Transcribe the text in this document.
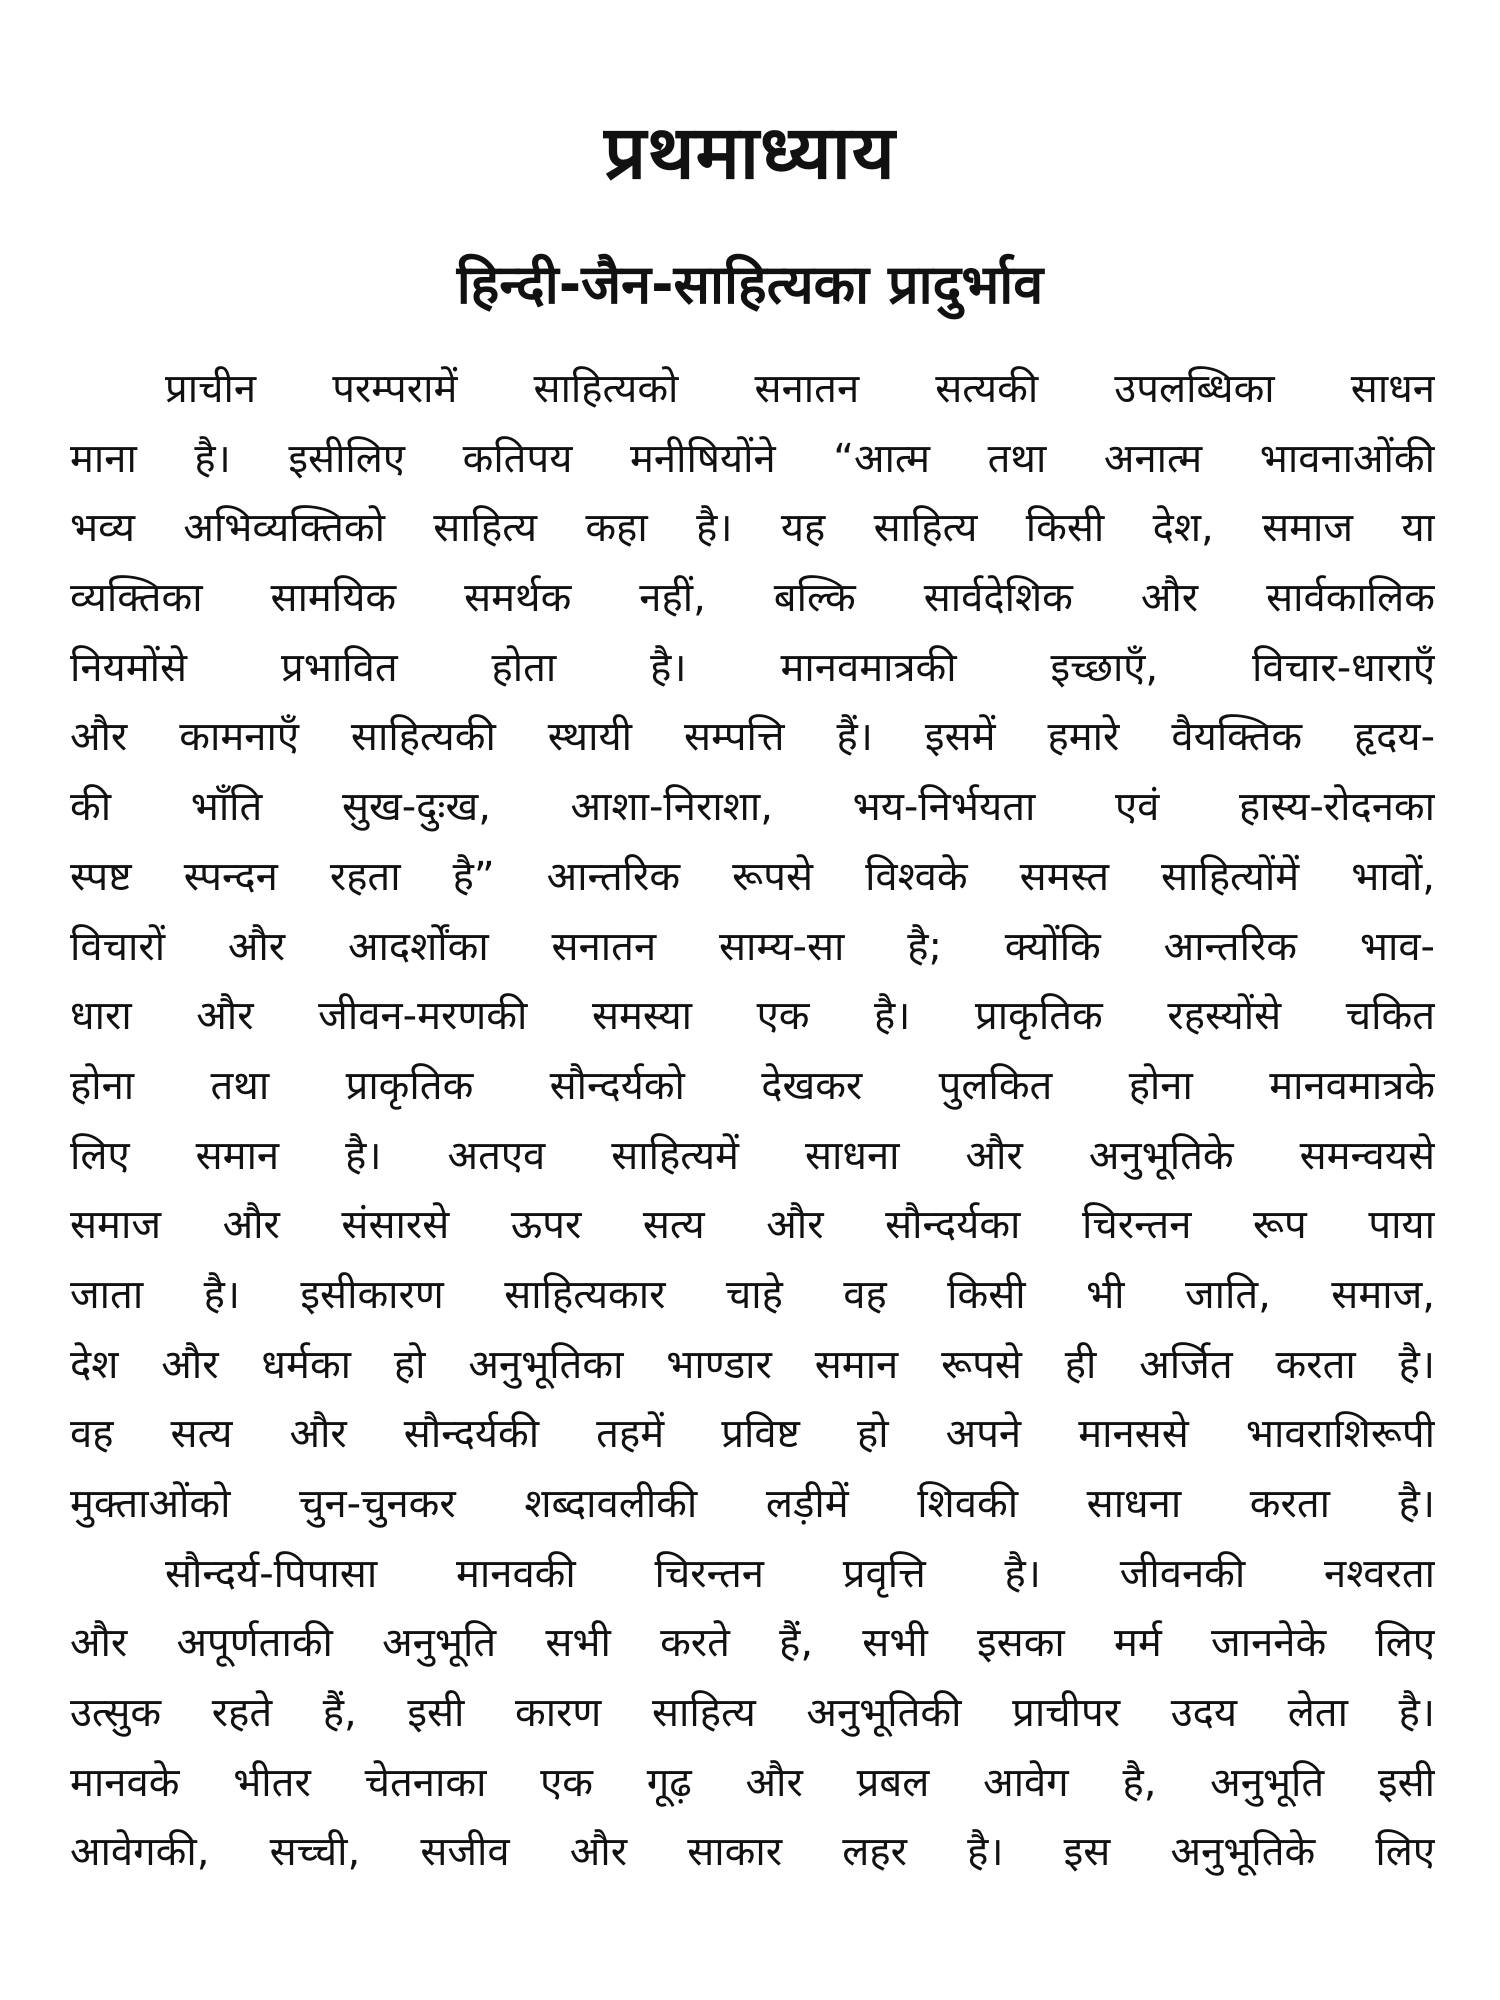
प्रथमाध्याय
हिन्दी-जैन-साहित्यका प्रादुर्भाव
प्राचीन परम्परामें साहित्यको सनातन सत्यकी उपलब्धिका साधन
माना है। इसीलिए कतिपय मनीषियोंने “आत्म तथा अनात्म भावनाओंकी
भव्य अभिव्यक्तिको साहित्य कहा है। यह साहित्य किसी देश, समाज या
व्यक्तिका सामयिक समर्थक नहीं, बल्कि सार्वदेशिक और सार्वकालिक
नियमोंसे प्रभावित होता है। मानवमात्रकी इच्छाएँ, विचार-धाराएँ
और कामनाएँ साहित्यकी स्थायी सम्पत्ति हैं। इसमें हमारे वैयक्तिक हृदय-
की भाँति सुख-दुःख, आशा-निराशा, भय-निर्भयता एवं हास्य-रोदनका
स्पष्ट स्पन्दन रहता है” आन्तरिक रूपसे विश्वके समस्त साहित्योंमें भावों,
विचारों और आदर्शोंका सनातन साम्य-सा है; क्योंकि आन्तरिक भाव-
धारा और जीवन-मरणकी समस्या एक है। प्राकृतिक रहस्योंसे चकित
होना तथा प्राकृतिक सौन्दर्यको देखकर पुलकित होना मानवमात्रके
लिए समान है। अतएव साहित्यमें साधना और अनुभूतिके समन्वयसे
समाज और संसारसे ऊपर सत्य और सौन्दर्यका चिरन्तन रूप पाया
जाता है। इसीकारण साहित्यकार चाहे वह किसी भी जाति, समाज,
देश और धर्मका हो अनुभूतिका भाण्डार समान रूपसे ही अर्जित करता है।
वह सत्य और सौन्दर्यकी तहमें प्रविष्ट हो अपने मानससे भावराशिरूपी
मुक्ताओंको चुन-चुनकर शब्दावलीकी लड़ीमें शिवकी साधना करता है।
सौन्दर्य-पिपासा मानवकी चिरन्तन प्रवृत्ति है। जीवनकी नश्वरता
और अपूर्णताकी अनुभूति सभी करते हैं, सभी इसका मर्म जाननेके लिए
उत्सुक रहते हैं, इसी कारण साहित्य अनुभूतिकी प्राचीपर उदय लेता है।
मानवके भीतर चेतनाका एक गूढ़ और प्रबल आवेग है, अनुभूति इसी
आवेगकी, सच्ची, सजीव और साकार लहर है। इस अनुभूतिके लिए
